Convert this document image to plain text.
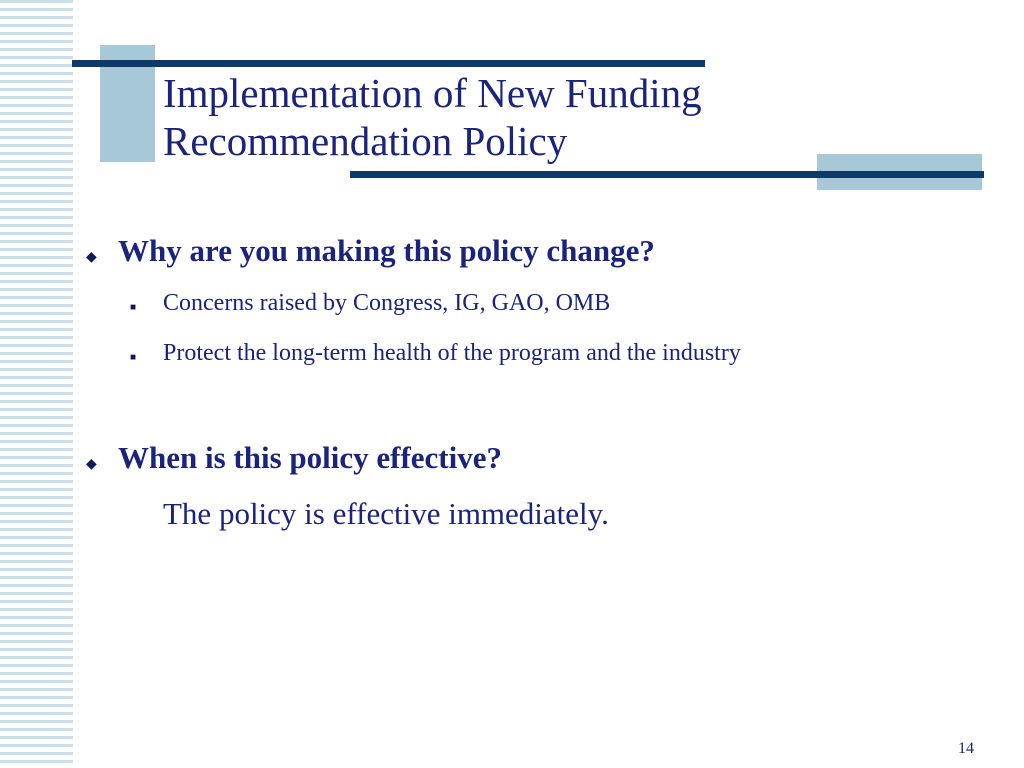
Implementation of New Funding
Recommendation Policy
◆ Why are you making this policy change?
■	Concerns raised by Congress, IG, GAO, OMB
■	Protect the long-term health of the program and the industry
◆ When is this policy effective?
The policy is effective immediately.
14
